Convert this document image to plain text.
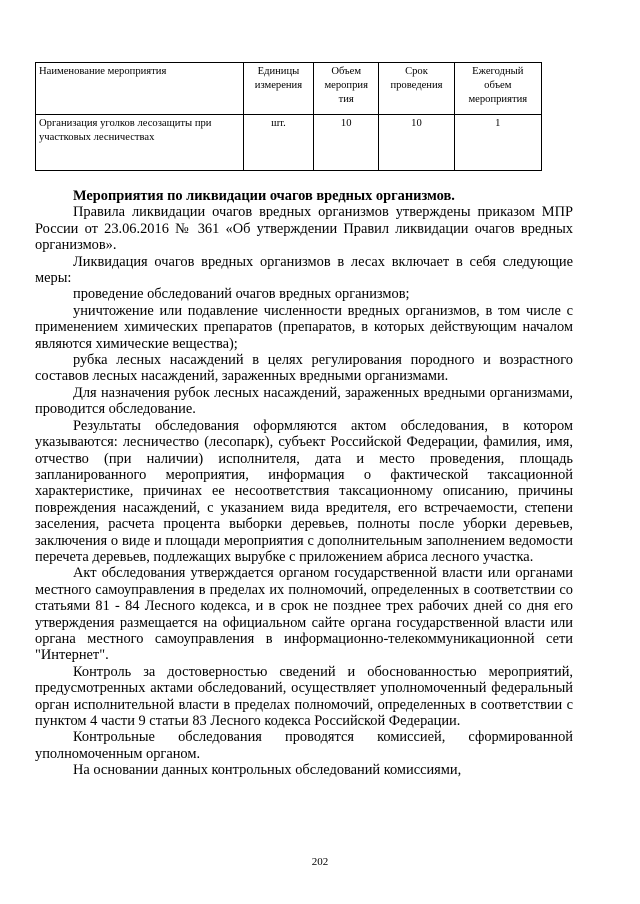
Наименование мероприятия	Единицы измерения	Объем мероприя тия	Срок проведения	Ежегодный объем мероприятия
Организация уголков лесозащиты при участковых лесничествах	шт.	10	10	1
Мероприятия по ликвидации очагов вредных организмов.

Правила ликвидации очагов вредных организмов утверждены приказом МПР России от 23.06.2016 № 361 «Об утверждении Правил ликвидации очагов вредных организмов».

Ликвидация очагов вредных организмов в лесах включает в себя следующие меры:

проведение обследований очагов вредных организмов;

уничтожение или подавление численности вредных организмов, в том числе с применением химических препаратов (препаратов, в которых действующим началом являются химические вещества);

рубка лесных насаждений в целях регулирования породного и возрастного составов лесных насаждений, зараженных вредными организмами.

Для назначения рубок лесных насаждений, зараженных вредными организмами, проводится обследование.

Результаты обследования оформляются актом обследования, в котором указываются: лесничество (лесопарк), субъект Российской Федерации, фамилия, имя, отчество (при наличии) исполнителя, дата и место проведения, площадь запланированного мероприятия, информация о фактической таксационной характеристике, причинах ее несоответствия таксационному описанию, причины повреждения насаждений, с указанием вида вредителя, его встречаемости, степени заселения, расчета процента выборки деревьев, полноты после уборки деревьев, заключения о виде и площади мероприятия с дополнительным заполнением ведомости перечета деревьев, подлежащих вырубке с приложением абриса лесного участка.

Акт обследования утверждается органом государственной власти или органами местного самоуправления в пределах их полномочий, определенных в соответствии со статьями 81 - 84 Лесного кодекса, и в срок не позднее трех рабочих дней со дня его утверждения размещается на официальном сайте органа государственной власти или органа местного самоуправления в информационно-телекоммуникационной сети "Интернет".

Контроль за достоверностью сведений и обоснованностью мероприятий, предусмотренных актами обследований, осуществляет уполномоченный федеральный орган исполнительной власти в пределах полномочий, определенных в соответствии с пунктом 4 части 9 статьи 83 Лесного кодекса Российской Федерации.

Контрольные обследования проводятся комиссией, сформированной уполномоченным органом.

На основании данных контрольных обследований комиссиями,

202
